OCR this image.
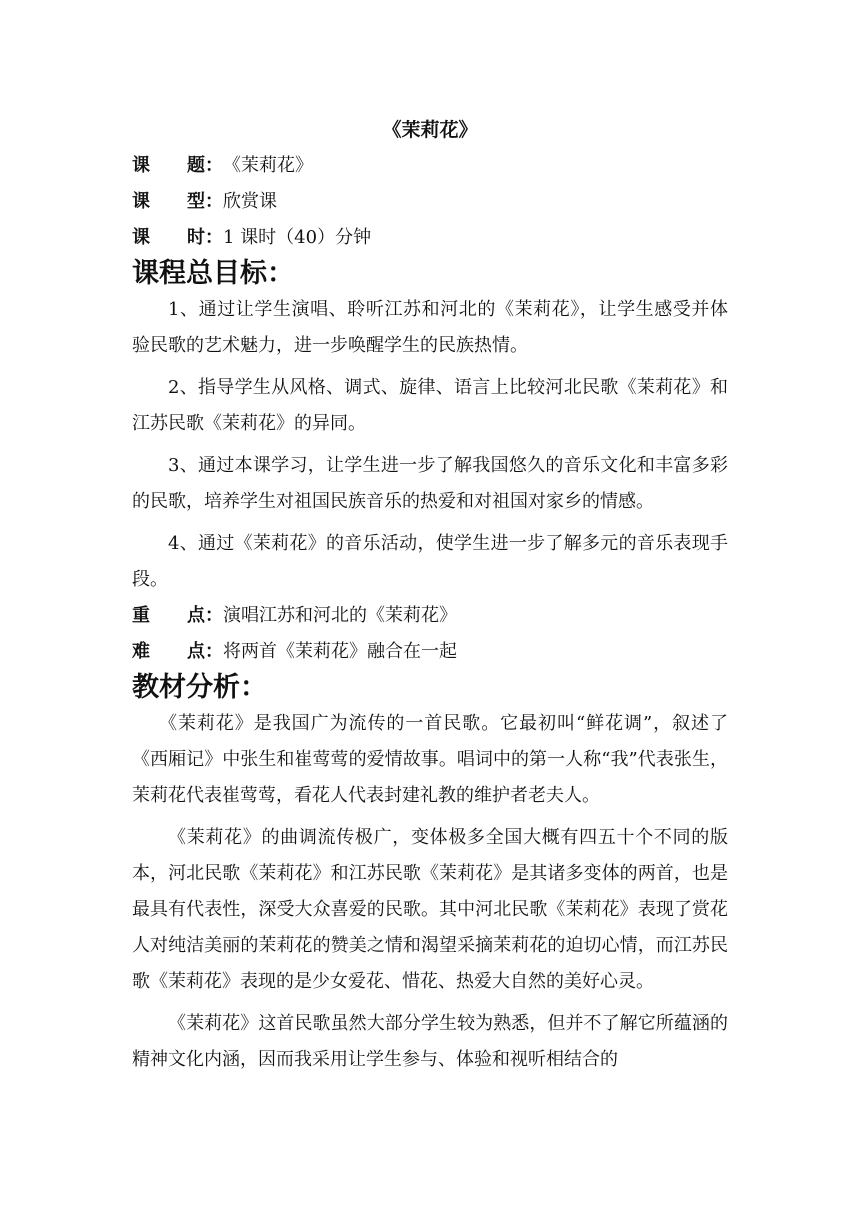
《茉莉花》
课 题 ： 《茉莉花》
课 型 ： 欣赏课
课 时 ： 1 课时（40）分钟
课程总目标：

1、通过让学生演唱、聆听江苏和河北的《茉莉花》，让学生感受并体验民歌的艺术魅力，进一步唤醒学生的民族热情。

2、指导学生从风格、调式、旋律、语言上比较河北民歌《茉莉花》和江苏民歌《茉莉花》的异同。

3、通过本课学习，让学生进一步了解我国悠久的音乐文化和丰富多彩的民歌，培养学生对祖国民族音乐的热爱和对祖国对家乡的情感。

4、通过《茉莉花》的音乐活动，使学生进一步了解多元的音乐表现手段。

重 点 ： 演唱江苏和河北的《茉莉花》
难 点 ： 将两首《茉莉花》融合在一起
教材分析：

《茉莉花》是我国广为流传的一首民歌。它最初叫“鲜花调”，叙述了《西厢记》中张生和崔莺莺的爱情故事。唱词中的第一人称“我”代表张生，茉莉花代表崔莺莺，看花人代表封建礼教的维护者老夫人。

《茉莉花》的曲调流传极广，变体极多全国大概有四五十个不同的版本，河北民歌《茉莉花》和江苏民歌《茉莉花》是其诸多变体的两首，也是最具有代表性，深受大众喜爱的民歌。其中河北民歌《茉莉花》表现了赏花人对纯洁美丽的茉莉花的赞美之情和渴望采摘茉莉花的迫切心情，而江苏民歌《茉莉花》表现的是少女爱花、惜花、热爱大自然的美好心灵。

《茉莉花》这首民歌虽然大部分学生较为熟悉，但并不了解它所蕴涵的精神文化内涵，因而我采用让学生参与、体验和视听相结合的
